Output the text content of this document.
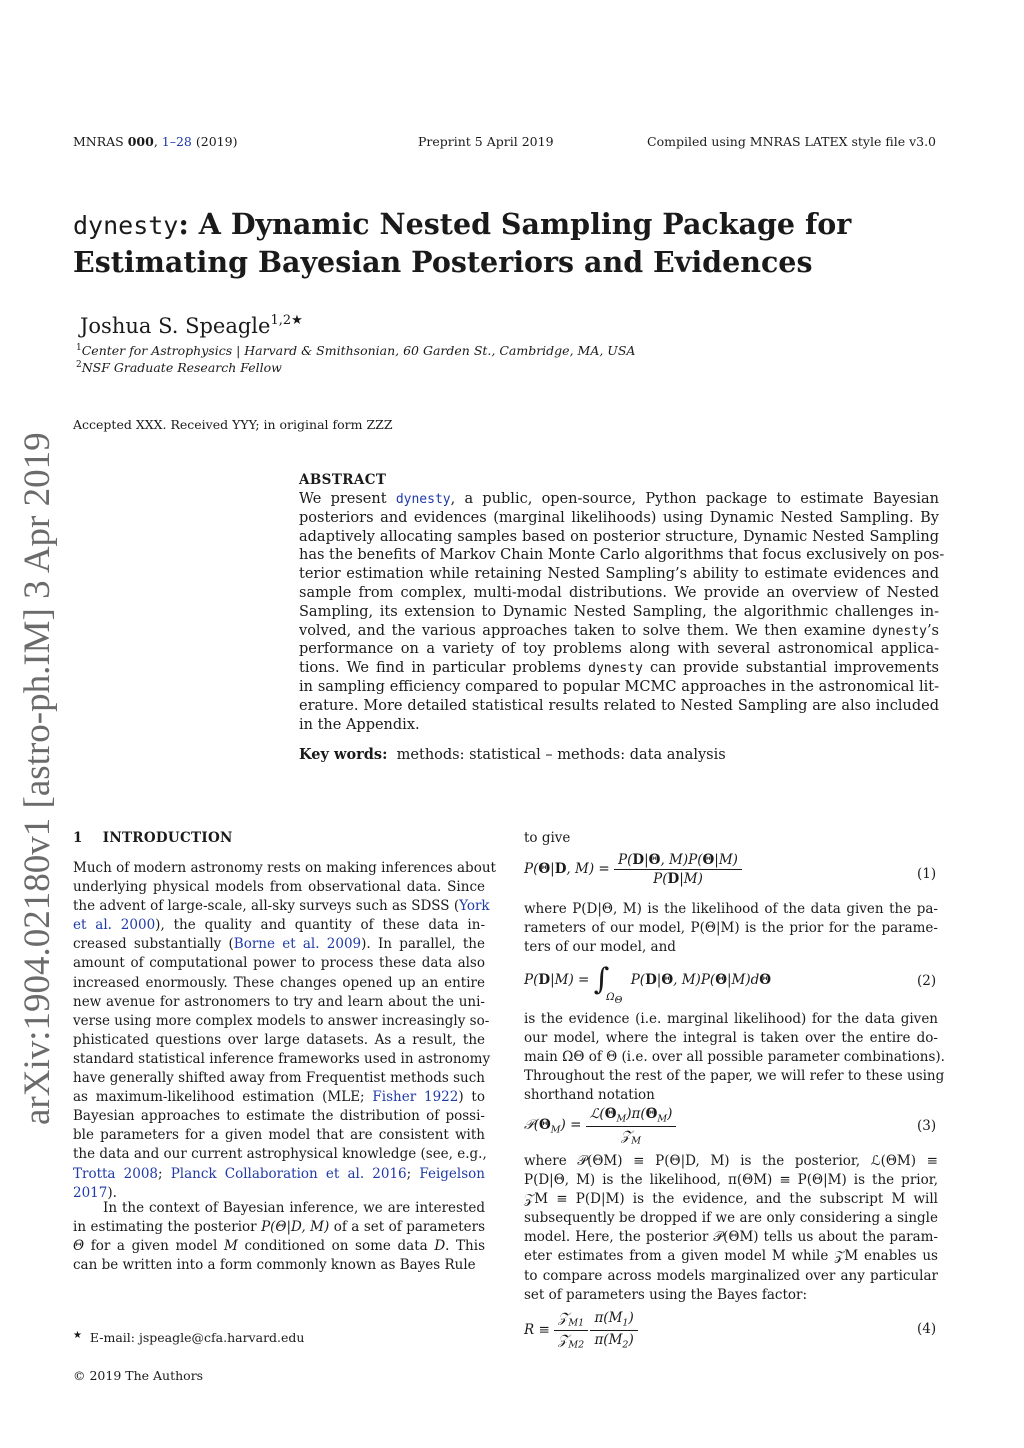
MNRAS 000, 1–28 (2019)	Preprint 5 April 2019	Compiled using MNRAS LATEX style file v3.0
dynesty: A Dynamic Nested Sampling Package for
Estimating Bayesian Posteriors and Evidences
Joshua S. Speagle$^{1,2★}$
$^1$Center for Astrophysics | Harvard & Smithsonian, 60 Garden St., Cambridge, MA, USA
$^2$NSF Graduate Research Fellow
Accepted XXX. Received YYY; in original form ZZZ
ABSTRACT
We present dynesty, a public, open-source, Python package to estimate Bayesian
posteriors and evidences (marginal likelihoods) using Dynamic Nested Sampling. By
adaptively allocating samples based on posterior structure, Dynamic Nested Sampling
has the benefits of Markov Chain Monte Carlo algorithms that focus exclusively on pos-
terior estimation while retaining Nested Sampling’s ability to estimate evidences and
sample from complex, multi-modal distributions. We provide an overview of Nested
Sampling, its extension to Dynamic Nested Sampling, the algorithmic challenges in-
volved, and the various approaches taken to solve them. We then examine dynesty’s
performance on a variety of toy problems along with several astronomical applica-
tions. We find in particular problems dynesty can provide substantial improvements
in sampling efficiency compared to popular MCMC approaches in the astronomical lit-
erature. More detailed statistical results related to Nested Sampling are also included
in the Appendix.
Key words: methods: statistical – methods: data analysis
arXiv:1904.02180v1 [astro-ph.IM] 3 Apr 2019 1 INTRODUCTION
Much of modern astronomy rests on making inferences about
underlying physical models from observational data. Since
the advent of large-scale, all-sky surveys such as SDSS (York
et al. 2000), the quality and quantity of these data in-
creased substantially (Borne et al. 2009). In parallel, the
amount of computational power to process these data also
increased enormously. These changes opened up an entire
new avenue for astronomers to try and learn about the uni-
verse using more complex models to answer increasingly so-
phisticated questions over large datasets. As a result, the
standard statistical inference frameworks used in astronomy
have generally shifted away from Frequentist methods such
as maximum-likelihood estimation (MLE; Fisher 1922) to
Bayesian approaches to estimate the distribution of possi-
ble parameters for a given model that are consistent with
the data and our current astrophysical knowledge (see, e.g.,
Trotta 2008; Planck Collaboration et al. 2016; Feigelson
2017).
In the context of Bayesian inference, we are interested
in estimating the posterior P(Θ|D, M) of a set of parameters
Θ for a given model M conditioned on some data D. This
can be written into a form commonly known as Bayes Rule
★ E-mail: jspeagle@cfa.harvard.edu
© 2019 The Authors
to give
P(Θ|D, $M) = \frac{P(D|\Theta, M)P(\Theta|M)}{P(D|M)}$	(1)
where P(D|Θ, M) is the likelihood of the data given the pa-
rameters of our model, P(Θ|M) is the prior for the parame-
ters of our model, and
$P(D|M) = \int\Omega_\Theta$ P(D|Θ, M)P(Θ|M)dΘ	(2)
is the evidence (i.e. marginal likelihood) for the data given
our model, where the integral is taken over the entire do-
main ΩΘ of Θ (i.e. over all possible parameter combinations).
Throughout the rest of the paper, we will refer to these using
shorthand notation
$𝒫(\Theta_M) = \frac{ℒ(\Theta_M)\pi(\Theta_M)}{𝒵_M}$	(3)
where 𝒫(ΘM) ≡ P(Θ|D, M) is the posterior, ℒ(ΘM) ≡
P(D|Θ, M) is the likelihood, π(ΘM) ≡ P(Θ|M) is the prior,
𝒵M ≡ P(D|M) is the evidence, and the subscript M will
subsequently be dropped if we are only considering a single
model. Here, the posterior 𝒫(ΘM) tells us about the param-
eter estimates from a given model M while 𝒵M enables us
to compare across models marginalized over any particular
set of parameters using the Bayes factor:
$R \equiv \frac{𝒵_{M1}}{𝒵_{M2}}$
$\frac{\pi(M_1)}{\pi(M_2)}$	(4)
